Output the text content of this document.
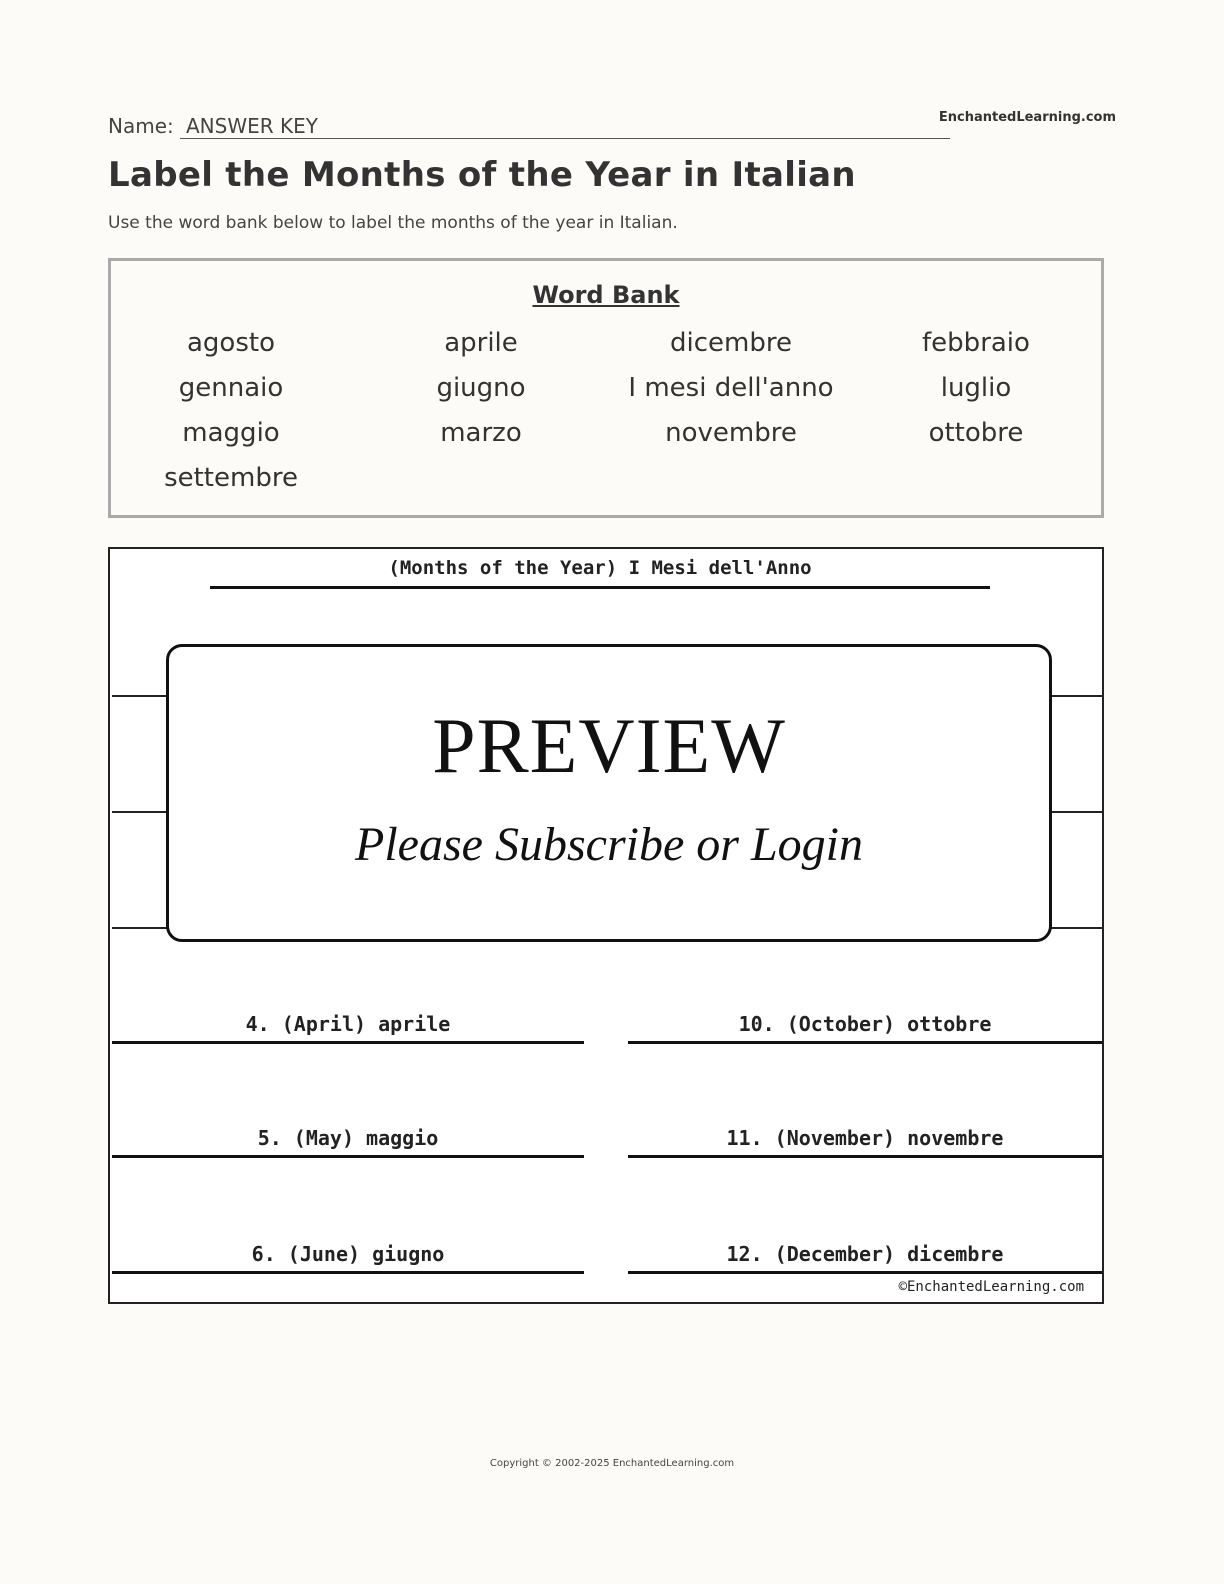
Name: ANSWER KEY	EnchantedLearning.com
Label the Months of the Year in Italian
Use the word bank below to label the months of the year in Italian.
Word Bank
agosto	aprile	dicembre	febbraio
gennaio	giugno	I mesi dell'anno	luglio
maggio	marzo	novembre	ottobre
settembre
(Months of the Year) I Mesi dell'Anno
PREVIEW
Please Subscribe or Login
4. (April) aprile	10. (October) ottobre
5. (May) maggio	11. (November) novembre
6. (June) giugno	12. (December) dicembre
©EnchantedLearning.com
Copyright © 2002-2025 EnchantedLearning.com
